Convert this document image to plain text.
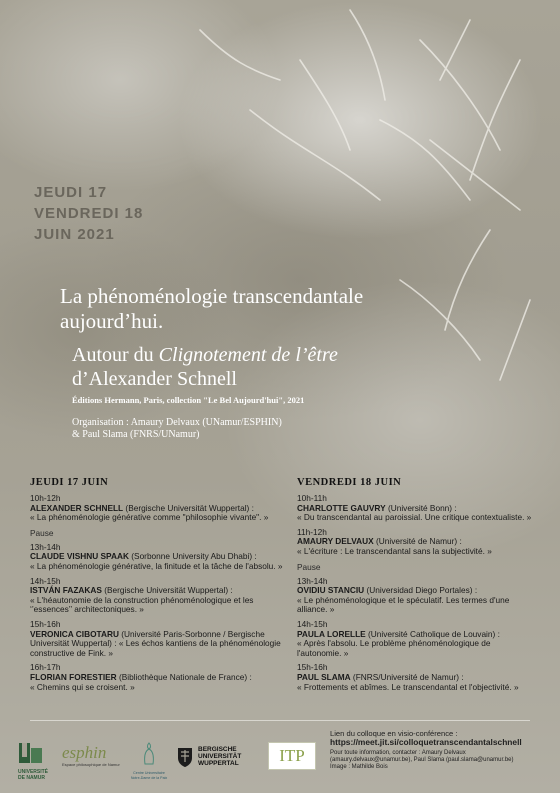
JEUDI 17
VENDREDI 18
JUIN 2021
La phénoménologie transcendantale
aujourd’hui.
Autour du Clignotement de l’être
d’Alexander Schnell
Éditions Hermann, Paris, collection "Le Bel Aujourd'hui", 2021
Organisation : Amaury Delvaux (UNamur/ESPHIN)
& Paul Slama (FNRS/UNamur)
JEUDI 17 JUIN
10h-12h
ALEXANDER SCHNELL (Bergische Universität Wuppertal) :
« La phénoménologie générative comme "philosophie vivante". »
Pause
13h-14h
CLAUDE VISHNU SPAAK (Sorbonne University Abu Dhabi) :
« La phénoménologie générative, la finitude et la tâche de l'absolu. »
14h-15h
ISTVÁN FAZAKAS (Bergische Universität Wuppertal) :
« L'héautonomie de la construction phénoménologique et les ‘’essences’’ architectoniques. »
15h-16h
VERONICA CIBOTARU (Université Paris-Sorbonne / Bergische Universität Wuppertal) : « Les échos kantiens de la phénoménologie constructive de Fink. »
16h-17h
FLORIAN FORESTIER (Bibliothèque Nationale de France) :
« Chemins qui se croisent. »
VENDREDI 18 JUIN
10h-11h
CHARLOTTE GAUVRY (Université Bonn) :
« Du transcendantal au paroissial. Une critique contextualiste. »
11h-12h
AMAURY DELVAUX (Université de Namur) :
« L'écriture : Le transcendantal sans la subjectivité. »
Pause
13h-14h
OVIDIU STANCIU (Universidad Diego Portales) :
« Le phénoménologique et le spéculatif. Les termes d'une alliance. »
14h-15h
PAULA LORELLE (Université Catholique de Louvain) :
« Après l'absolu. Le problème phénoménologique de l'autonomie. »
15h-16h
PAUL SLAMA (FNRS/Université de Namur) :
« Frottements et abîmes. Le transcendantal et l'objectivité. »
UNIVERSITÉ
DE NAMUR
esphin
Espace philosophique de Namur
Centre Universitaire
Notre-Dame de la Paix
BERGISCHE
UNIVERSITÄT
WUPPERTAL	ITP
Lien du colloque en visio-conférence :
https://meet.jit.si/colloquetranscendantalschnell
Pour toute information, contacter : Amaury Delvaux
(amaury.delvaux@unamur.be), Paul Slama (paul.slama@unamur.be)
Image : Mathilde Bois
